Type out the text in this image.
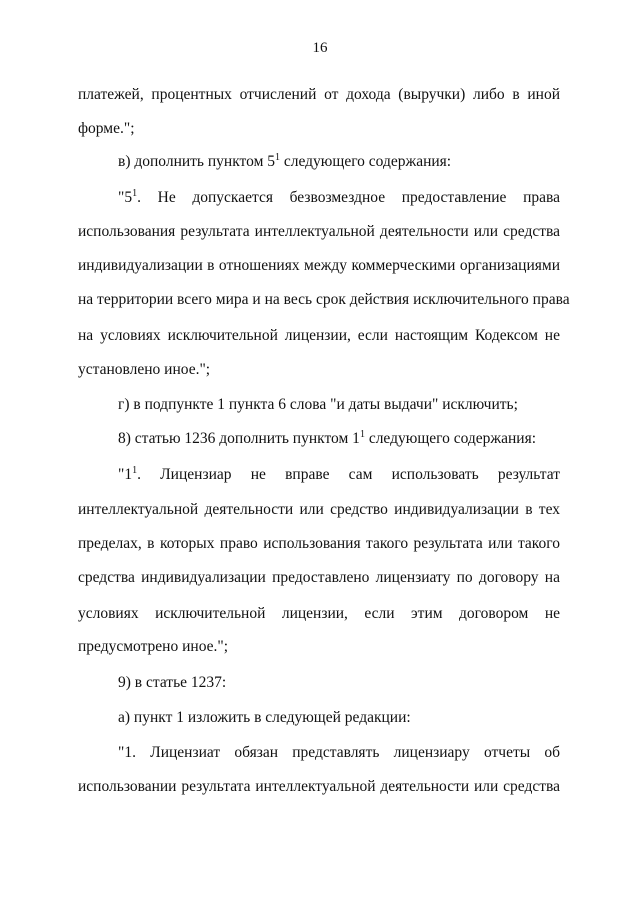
16
платежей, процентных отчислений от дохода (выручки) либо в иной
форме.";
в) дополнить пунктом $5^1$ следующего содержания:
"$5^1$. Не допускается безвозмездное предоставление права
использования результата интеллектуальной деятельности или средства
индивидуализации в отношениях между коммерческими организациями
на территории всего мира и на весь срок действия исключительного права
на условиях исключительной лицензии, если настоящим Кодексом не
установлено иное.";
г) в подпункте 1 пункта 6 слова "и даты выдачи" исключить;
8) статью 1236 дополнить пунктом $1^1$ следующего содержания:
"$1^1$. Лицензиар не вправе сам использовать результат
интеллектуальной деятельности или средство индивидуализации в тех
пределах, в которых право использования такого результата или такого
средства индивидуализации предоставлено лицензиату по договору на
условиях исключительной лицензии, если этим договором не
предусмотрено иное.";
9) в статье 1237:
а) пункт 1 изложить в следующей редакции:
"1. Лицензиат обязан представлять лицензиару отчеты об
использовании результата интеллектуальной деятельности или средства
